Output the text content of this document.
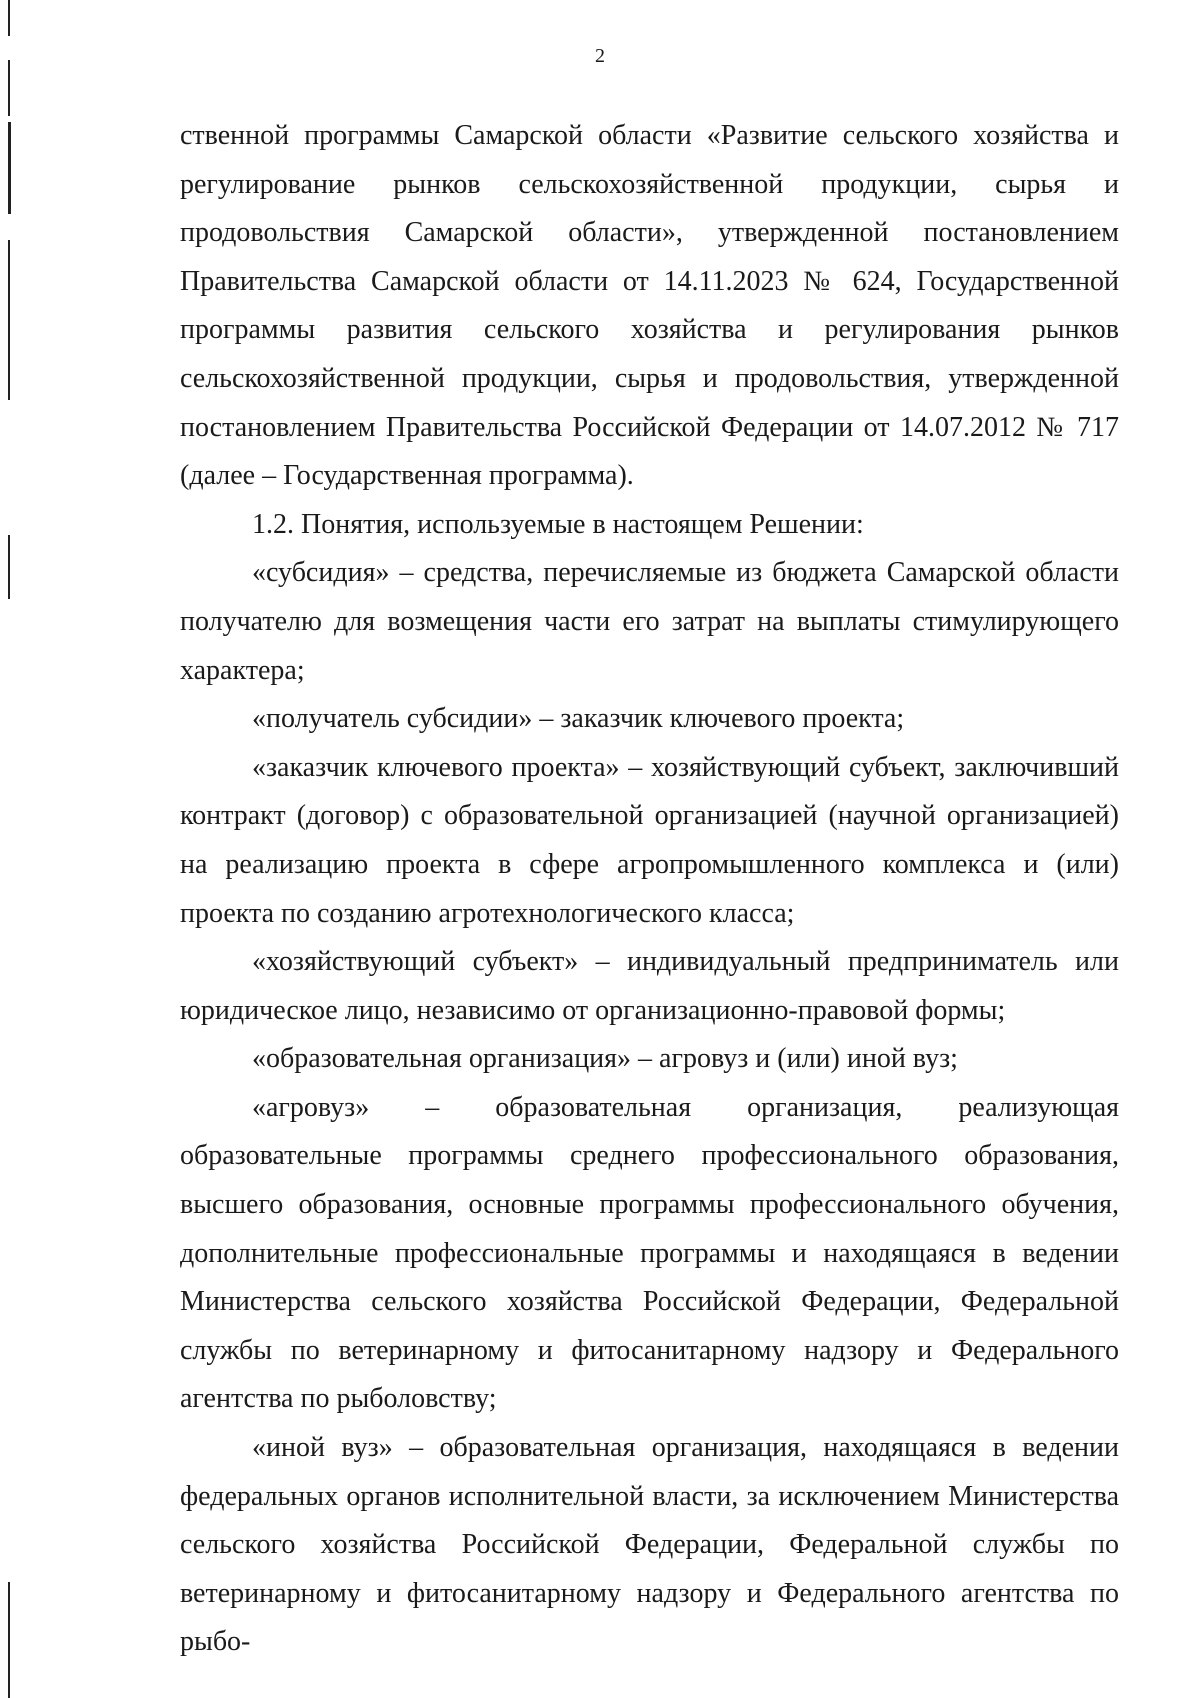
2

ственной программы Самарской области «Развитие сельского хозяйства и регулирование рынков сельскохозяйственной продукции, сырья и продовольствия Самарской области», утвержденной постановлением Правительства Самарской области от 14.11.2023 № 624, Государственной программы развития сельского хозяйства и регулирования рынков сельскохозяйственной продукции, сырья и продовольствия, утвержденной постановлением Правительства Российской Федерации от 14.07.2012 № 717 (далее – Государственная программа).

1.2. Понятия, используемые в настоящем Решении:

«субсидия» – средства, перечисляемые из бюджета Самарской области получателю для возмещения части его затрат на выплаты стимулирующего характера;

«получатель субсидии» – заказчик ключевого проекта;

«заказчик ключевого проекта» – хозяйствующий субъект, заключивший контракт (договор) с образовательной организацией (научной организацией) на реализацию проекта в сфере агропромышленного комплекса и (или) проекта по созданию агротехнологического класса;

«хозяйствующий субъект» – индивидуальный предприниматель или юридическое лицо, независимо от организационно-правовой формы;

«образовательная организация» – агровуз и (или) иной вуз;

«агровуз» – образовательная организация, реализующая образовательные программы среднего профессионального образования, высшего образования, основные программы профессионального обучения, дополнительные профессиональные программы и находящаяся в ведении Министерства сельского хозяйства Российской Федерации, Федеральной службы по ветеринарному и фитосанитарному надзору и Федерального агентства по рыболовству;

«иной вуз» – образовательная организация, находящаяся в ведении федеральных органов исполнительной власти, за исключением Министерства сельского хозяйства Российской Федерации, Федеральной службы по ветеринарному и фитосанитарному надзору и Федерального агентства по рыбо-
